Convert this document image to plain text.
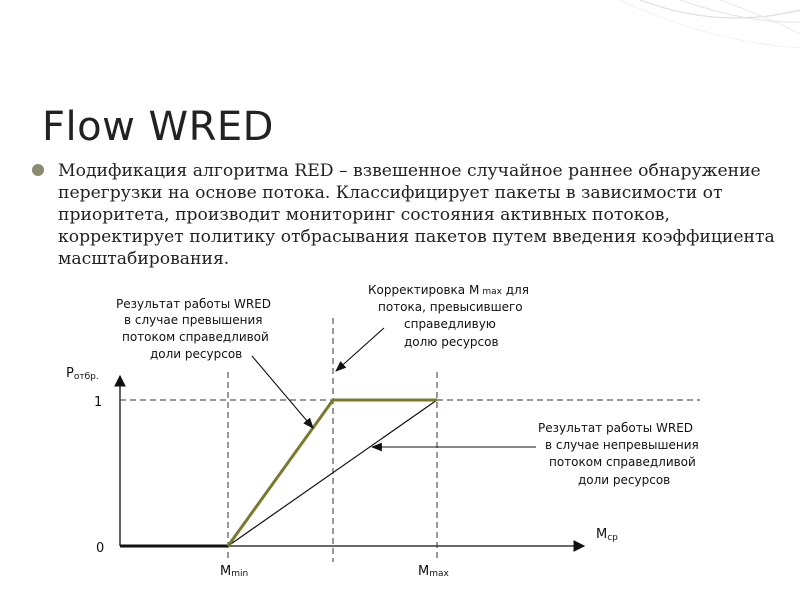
Flow WRED

Модификация алгоритма RED – взвешенное случайное раннее обнаружение перегрузки на основе потока. Классифицирует пакеты в зависимости от приоритета, производит мониторинг состояния активных потоков, корректирует политику отбрасывания пакетов путем введения коэффициента масштабирования.

Pотбр.
Mср
1
0
Mmin	Mmax
Результат работы WRED
в случае превышения
потоком справедливой
доли ресурсов
Корректировка M max для
потока, превысившего
справедливую
долю ресурсов
Результат работы WRED
в случае непревышения
потоком справедливой
доли ресурсов
